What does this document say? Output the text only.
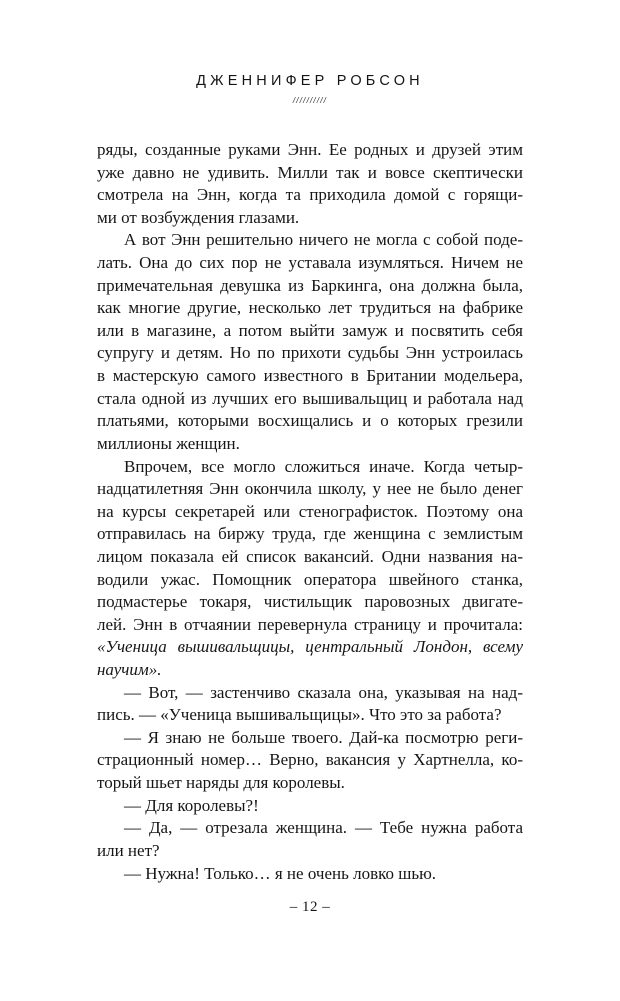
ДЖЕННИФЕР РОБСОН
//////////
ряды, созданные руками Энн. Ее родных и друзей этим
уже давно не удивить. Милли так и вовсе скептически
смотрела на Энн, когда та приходила домой с горящи-
ми от возбуждения глазами.
А вот Энн решительно ничего не могла с собой поде-
лать. Она до сих пор не уставала изумляться. Ничем не
примечательная девушка из Баркинга, она должна была,
как многие другие, несколько лет трудиться на фабрике
или в магазине, а потом выйти замуж и посвятить себя
супругу и детям. Но по прихоти судьбы Энн устроилась
в мастерскую самого известного в Британии модельера,
стала одной из лучших его вышивальщиц и работала над
платьями, которыми восхищались и о которых грезили
миллионы женщин.
Впрочем, все могло сложиться иначе. Когда четыр-
надцатилетняя Энн окончила школу, у нее не было денег
на курсы секретарей или стенографисток. Поэтому она
отправилась на биржу труда, где женщина с землистым
лицом показала ей список вакансий. Одни названия на-
водили ужас. Помощник оператора швейного станка,
подмастерье токаря, чистильщик паровозных двигате-
лей. Энн в отчаянии перевернула страницу и прочитала:
«Ученица вышивальщицы, центральный Лондон, всему
научим».
— Вот, — застенчиво сказала она, указывая на над-
пись. — «Ученица вышивальщицы». Что это за работа?
— Я знаю не больше твоего. Дай-ка посмотрю реги-
страционный номер… Верно, вакансия у Хартнелла, ко-
торый шьет наряды для королевы.
— Для королевы?!
— Да, — отрезала женщина. — Тебе нужна работа
или нет?
— Нужна! Только… я не очень ловко шью.
– 12 –
